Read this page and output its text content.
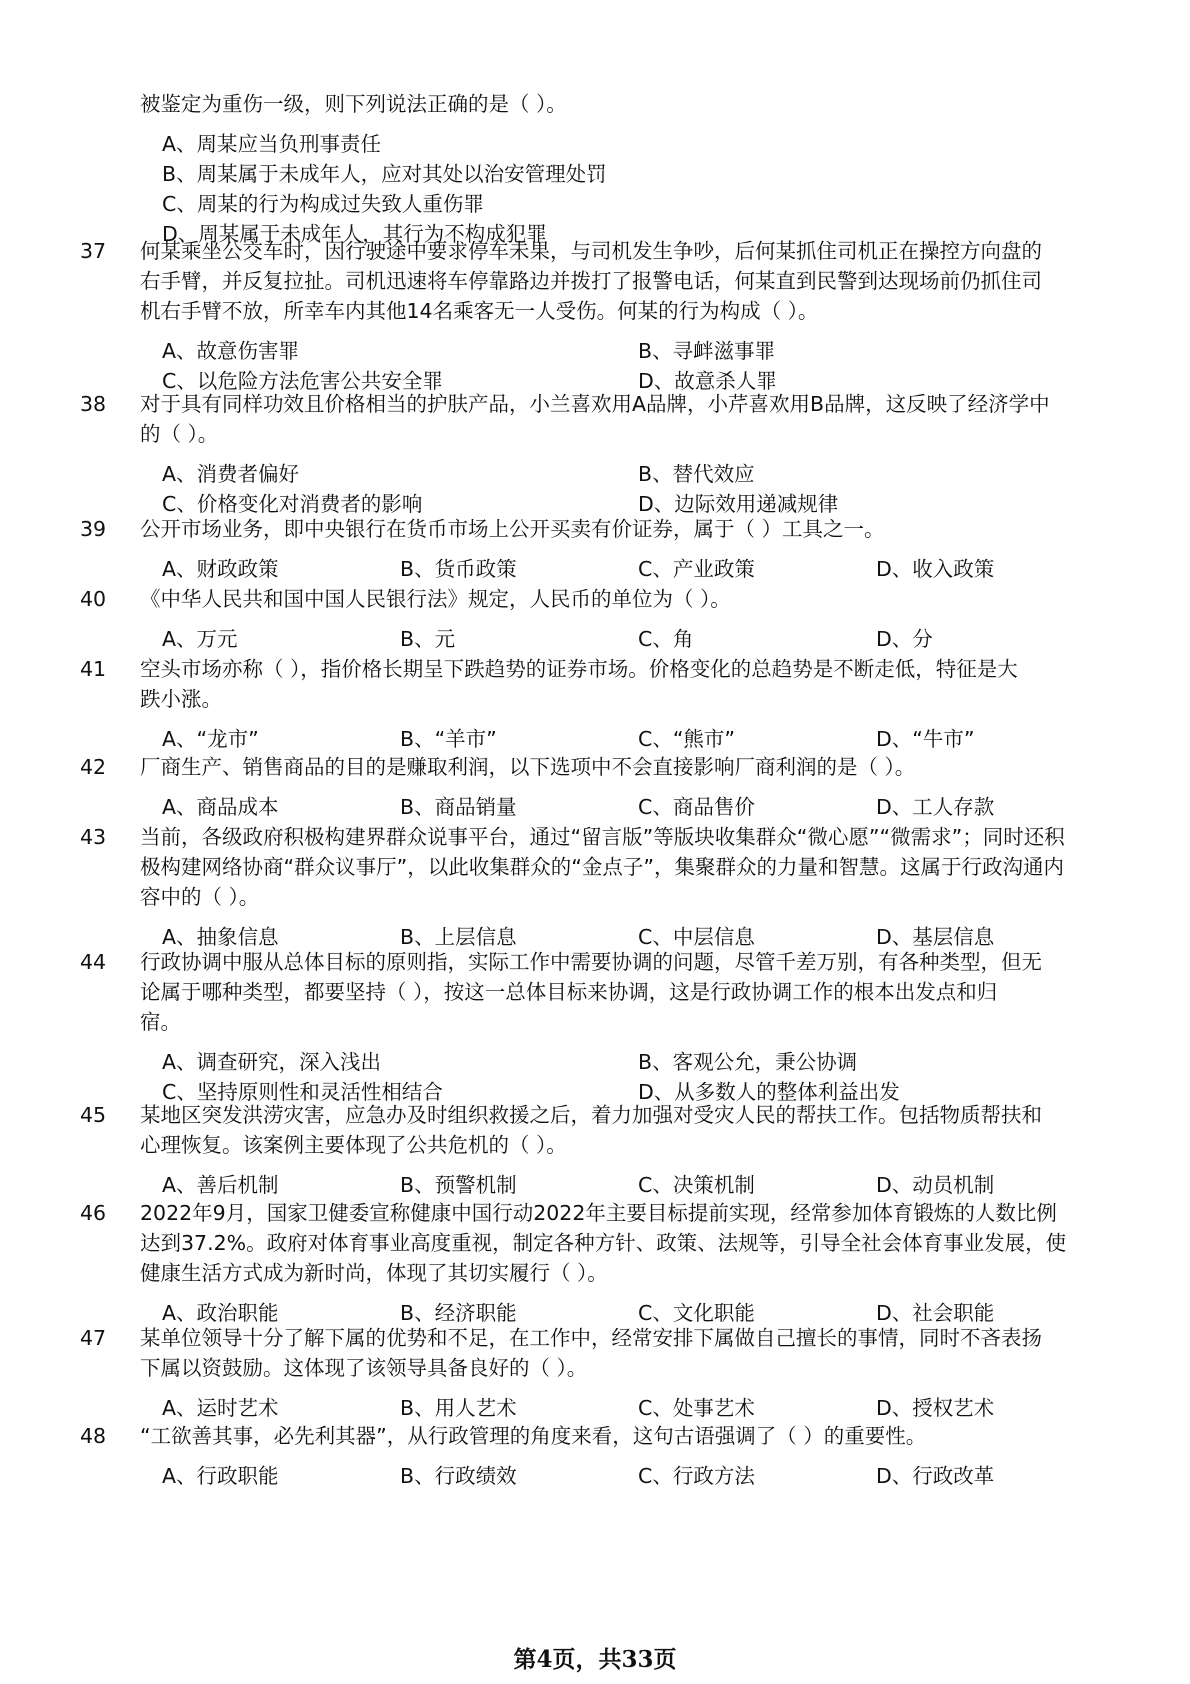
被鉴定为重伤一级，则下列说法正确的是（ ）。
A、周某应当负刑事责任
B、周某属于未成年人，应对其处以治安管理处罚
C、周某的行为构成过失致人重伤罪
D、周某属于未成年人，其行为不构成犯罪
37	何某乘坐公交车时，因行驶途中要求停车未果，与司机发生争吵，后何某抓住司机正在操控方向盘的
右手臂，并反复拉扯。司机迅速将车停靠路边并拨打了报警电话，何某直到民警到达现场前仍抓住司
机右手臂不放，所幸车内其他14名乘客无一人受伤。何某的行为构成（ ）。
A、故意伤害罪	B、寻衅滋事罪
C、以危险方法危害公共安全罪	D、故意杀人罪
38	对于具有同样功效且价格相当的护肤产品，小兰喜欢用A品牌，小芹喜欢用B品牌，这反映了经济学中
的（ ）。
A、消费者偏好	B、替代效应
C、价格变化对消费者的影响	D、边际效用递减规律
39	公开市场业务，即中央银行在货币市场上公开买卖有价证券，属于（ ）工具之一。
A、财政政策	B、货币政策	C、产业政策	D、收入政策
40	《中华人民共和国中国人民银行法》规定，人民币的单位为（ ）。
A、万元	B、元	C、角	D、分
41	空头市场亦称（ ），指价格长期呈下跌趋势的证券市场。价格变化的总趋势是不断走低，特征是大
跌小涨。
A、“龙市”	B、“羊市”	C、“熊市”	D、“牛市”
42	厂商生产、销售商品的目的是赚取利润，以下选项中不会直接影响厂商利润的是（ ）。
A、商品成本	B、商品销量	C、商品售价	D、工人存款
43	当前，各级政府积极构建界群众说事平台，通过“留言版”等版块收集群众“微心愿”“微需求”；同时还积
极构建网络协商“群众议事厅”，以此收集群众的“金点子”，集聚群众的力量和智慧。这属于行政沟通内
容中的（ ）。
A、抽象信息	B、上层信息	C、中层信息	D、基层信息
44	行政协调中服从总体目标的原则指，实际工作中需要协调的问题，尽管千差万别，有各种类型，但无
论属于哪种类型，都要坚持（ ），按这一总体目标来协调，这是行政协调工作的根本出发点和归
宿。
A、调查研究，深入浅出	B、客观公允，秉公协调
C、坚持原则性和灵活性相结合	D、从多数人的整体利益出发
45	某地区突发洪涝灾害，应急办及时组织救援之后，着力加强对受灾人民的帮扶工作。包括物质帮扶和
心理恢复。该案例主要体现了公共危机的（ ）。
A、善后机制	B、预警机制	C、决策机制	D、动员机制
46	2022年9月，国家卫健委宣称健康中国行动2022年主要目标提前实现，经常参加体育锻炼的人数比例
达到37.2%。政府对体育事业高度重视，制定各种方针、政策、法规等，引导全社会体育事业发展，使
健康生活方式成为新时尚，体现了其切实履行（ ）。
A、政治职能	B、经济职能	C、文化职能	D、社会职能
47	某单位领导十分了解下属的优势和不足，在工作中，经常安排下属做自己擅长的事情，同时不吝表扬
下属以资鼓励。这体现了该领导具备良好的（ ）。
A、运时艺术	B、用人艺术	C、处事艺术	D、授权艺术
48	“工欲善其事，必先利其器”，从行政管理的角度来看，这句古语强调了（ ）的重要性。
A、行政职能	B、行政绩效	C、行政方法	D、行政改革
第4页，共33页
